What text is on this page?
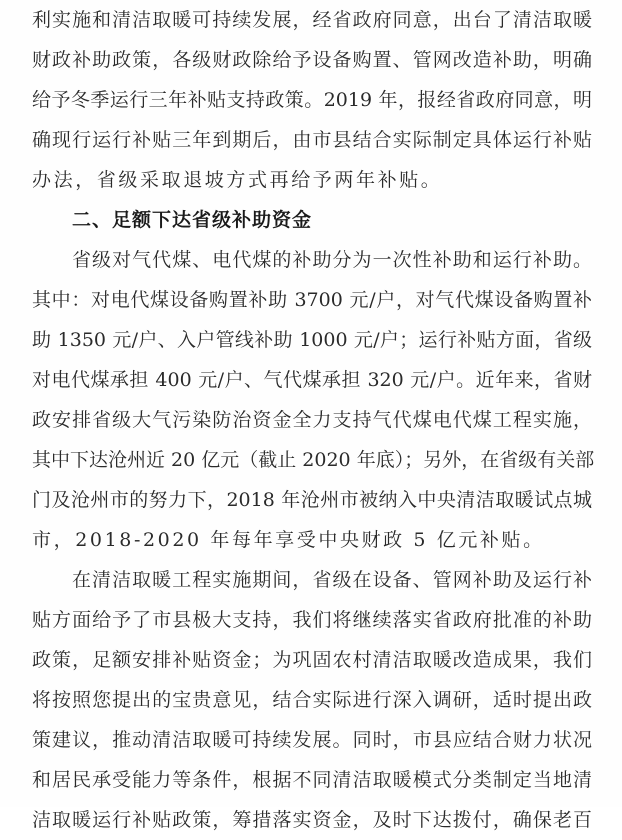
利实施和清洁取暖可持续发展，经省政府同意，出台了清洁取暖
财政补助政策，各级财政除给予设备购置、管网改造补助，明确
给予冬季运行三年补贴支持政策。2019 年，报经省政府同意，明
确现行运行补贴三年到期后，由市县结合实际制定具体运行补贴
办法，省级采取退坡方式再给予两年补贴。
二、足额下达省级补助资金
省级对气代煤、电代煤的补助分为一次性补助和运行补助。
其中：对电代煤设备购置补助 3700 元/户，对气代煤设备购置补
助 1350 元/户、入户管线补助 1000 元/户；运行补贴方面，省级
对电代煤承担 400 元/户、气代煤承担 320 元/户。近年来，省财
政安排省级大气污染防治资金全力支持气代煤电代煤工程实施，
其中下达沧州近 20 亿元（截止 2020 年底）；另外，在省级有关部
门及沧州市的努力下，2018 年沧州市被纳入中央清洁取暖试点城
市，2018-2020 年每年享受中央财政 5 亿元补贴。
在清洁取暖工程实施期间，省级在设备、管网补助及运行补
贴方面给予了市县极大支持，我们将继续落实省政府批准的补助
政策，足额安排补贴资金；为巩固农村清洁取暖改造成果，我们
将按照您提出的宝贵意见，结合实际进行深入调研，适时提出政
策建议，推动清洁取暖可持续发展。同时，市县应结合财力状况
和居民承受能力等条件，根据不同清洁取暖模式分类制定当地清
洁取暖运行补贴政策，筹措落实资金，及时下达拨付，确保老百
